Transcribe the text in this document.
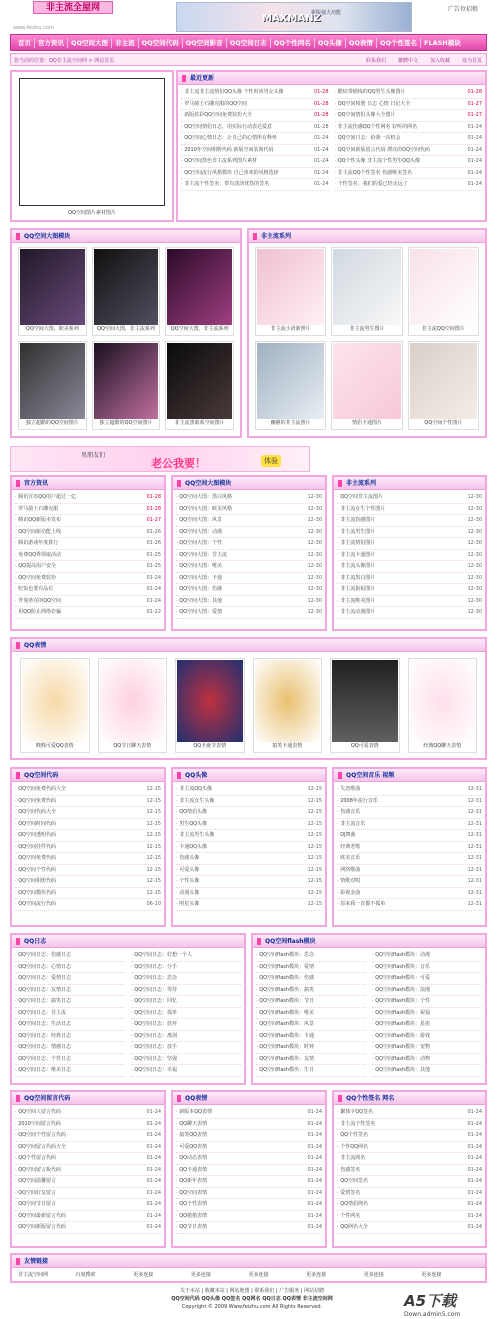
非主流全屋网
www.feizhu.com
MAXMANZ
新版强大功能	广告位招租
首页	官方资讯	QQ空间大图	非主流	QQ空间代码	QQ空间影音	QQ空间日志	QQ个性网名	QQ头像	QQ表情	QQ个性签名	FLASH模块
您当前的位置：QQ非主流空间网 > 网站首页	联系我们 繁體中文 加入收藏 设为首页
QQ空间图片素材图片
最近更新
· 非主流非主流情侣QQ头像 个性时尚男女头像	01-28
· 罗马骑士石雕克服的QQ空间	01-28
· 新版炫彩QQ空间免费装扮大全	01-28
· QQ空间情侣日志，用实际行动表达爱意	01-28
· QQ空间心情日志：让自己的心情所有释怀	01-24
· 2010年空间相册代码 新版空间装饰代码	01-24
· QQ空间黑色非主流系列图片素材	01-24
· QQ空间流行风格模块 自己喜欢的风格选择	01-24
· 非主流个性签名：带有淡淡忧伤的签名	01-24
· 酷炫带描线的QQ男生头像图片	01-28
· QQ空间相册 日志 心情 日记大全	01-27
· QQ空间情侣头像大全图片	01-27
· 非主流伤感QQ个性网名 好听的网名	01-24
· QQ空间日志：给我一次机会	01-24
· QQ空间新版留言代码 漂亮的QQ空间代码	01-24
· QQ个性头像 非主流个性男生QQ头像	01-24
· 非主流QQ个性签名 伤感唯美签名	01-24
· 个性签名：我们的爱已经走远了	01-24
QQ空间大图模块
QQ空间大图，欧美系列	QQ空间大图，非主流系列	QQ空间大图，非主流系列
独立超酷的QQ空间图片	独立超酷的QQ空间图片	非主流黑暗系空间图片
非主流系列
非主流小清新照片	非主流男生图片	非主流QQ空间图片
幽静的非主流照片	情侣卡通图片	QQ空间个性图片
男朋友们
老公我要！	体验
官方资讯
· 腾讯宣布QQ用户超过一亿	01-28
· 罗马骑士石雕克服	01-28
· 腾讯QQ新版本发布	01-27
· QQ空间新功能上线	01-26
· 腾讯游戏年度排行	01-26
· 免费QQ秀领取活动	01-25
· QQ提高用户安全	01-25
· QQ空间免费装扮	01-24
· 吃饭也要有品位	01-24
· 罗曼蒂克的QQ空间	01-24
· 用QQ防止网络诈骗	01-22
QQ空间大图模块
· QQ空间大图：黑白风格	12-30
· QQ空间大图：欧美风格	12-30
· QQ空间大图：风景	12-30
· QQ空间大图：动漫	12-30
· QQ空间大图：个性	12-30
· QQ空间大图：非主流	12-30
· QQ空间大图：唯美	12-30
· QQ空间大图：卡通	12-30
· QQ空间大图：伤感	12-30
· QQ空间大图：其他	12-30
· QQ空间大图：爱情	12-30
非主流系列
· QQ空间非主流图片	12-30
· 非主流女生个性图片	12-30
· 非主流伤感图片	12-30
· 非主流男生图片	12-30
· 非主流情侣图片	12-30
· 非主流卡通图片	12-30
· 非主流头像图片	12-30
· 非主流黑白图片	12-30
· 非主流街拍图片	12-30
· 非主流唯美图片	12-30
· 非主流动漫图片	12-30
QQ表情
贱贱可爱QQ表情	QQ节日聊天表情	QQ圣诞节表情	搞笑卡通表情	QQ可爱表情	经典QQ聊天表情
QQ空间代码
· QQ空间免费代码大全	12-15
· QQ空间免费代码	12-15
· QQ空间代码大全	12-15
· QQ空间时间代码	12-15
· QQ空间透明代码	12-15
· QQ空间挂件代码	12-15
· QQ空间免费代码	12-15
· QQ空间个性代码	12-15
· QQ空间相册代码	12-15
· QQ空间模块代码	12-15
· QQ空间流行代码	06-10
QQ头像
· 非主流QQ头像	12-15
· 非主流女生头像	12-15
· QQ情侣头像	12-15
· 男生QQ头像	12-15
· 非主流男生头像	12-15
· 卡通QQ头像	12-15
· 伤感头像	12-15
· 可爱头像	12-15
· 个性头像	12-15
· 动漫头像	12-15
· 明星头像	12-15
QQ空间音乐 视频
· 失恋歌曲	12-31
· 2008年流行音乐	12-31
· 伤感音乐	12-31
· 非主流音乐	12-31
· DJ舞曲	12-31
· 经典老歌	12-31
· 欧美音乐	12-31
· 网络歌曲	12-31
· 情歌对唱	12-31
· 影视金曲	12-31
· 原来我一直都不孤单	12-31
QQ日志
· QQ空间日志：伤感日志
· QQ空间日志：心情日志
· QQ空间日志：爱情日志
· QQ空间日志：友情日志
· QQ空间日志：搞笑日志
· QQ空间日志：非主流
· QQ空间日志：生活日志
· QQ空间日志：经典日志
· QQ空间日志：情感日志
· QQ空间日志：个性日志
· QQ空间日志：唯美日志
· QQ空间日志：好想一个人
· QQ空间日志：分手
· QQ空间日志：思念
· QQ空间日志：等待
· QQ空间日志：回忆
· QQ空间日志：孤单
· QQ空间日志：放弃
· QQ空间日志：离别
· QQ空间日志：放手
· QQ空间日志：坚强
· QQ空间日志：幸福
QQ空间flash模块
· QQ空间flash模块：思念
· QQ空间flash模块：爱情
· QQ空间flash模块：伤感
· QQ空间flash模块：搞笑
· QQ空间flash模块：节日
· QQ空间flash模块：唯美
· QQ空间flash模块：风景
· QQ空间flash模块：卡通
· QQ空间flash模块：时钟
· QQ空间flash模块：友情
· QQ空间flash模块：生日
· QQ空间flash模块：动漫
· QQ空间flash模块：音乐
· QQ空间flash模块：可爱
· QQ空间flash模块：浪漫
· QQ空间flash模块：个性
· QQ空间flash模块：祝福
· QQ空间flash模块：星座
· QQ空间flash模块：游戏
· QQ空间flash模块：宠物
· QQ空间flash模块：动物
· QQ空间flash模块：其他
QQ空间留言代码
· QQ空间人留言代码	01-24
· 2010空间留言代码	01-24
· QQ空间个性留言代码	01-24
· QQ空间留言代码大全	01-24
· QQ个性留言代码	01-24
· QQ空间留言板代码	01-24
· QQ空间温馨留言	01-24
· QQ空间好友留言	01-24
· QQ空间节日留言	01-24
· QQ空间最新留言代码	01-24
· QQ空间新版留言代码	01-24
QQ表情
· 新版本QQ表情	01-24
· QQ聊天表情	01-24
· 搞笑QQ表情	01-24
· 可爱QQ表情	01-24
· QQ动态表情	01-24
· QQ卡通表情	01-24
· QQ新年表情	01-24
· QQ空间表情	01-24
· QQ个性表情	01-24
· QQ猪猪表情	01-24
· QQ节日表情	01-24
QQ个性签名 网名
· 繁体字QQ签名	01-24
· 非主流个性签名	01-24
· QQ个性签名	01-24
· 个性QQ网名	01-24
· 非主流网名	01-24
· 伤感签名	01-24
· QQ空间签名	01-24
· 爱情签名	01-24
· QQ情侣网名	01-24
· 个性网名	01-24
· QQ网名大全	01-24
友情链接
非主流空间网	百度搜索	更多连接	更多连接	更多连接	更多连接	更多连接	更多连接
关于本站 | 收藏本站 | 网站地图 | 联系我们 | 广告服务 | 网站招聘
QQ空间代码 QQ头像 QQ签名 QQ网名 QQ日志 QQ表情 非主流空间网
Copyright © 2009 Www.feizhu.com All Rights Reserved.	A5下载
Down.admin5.com
